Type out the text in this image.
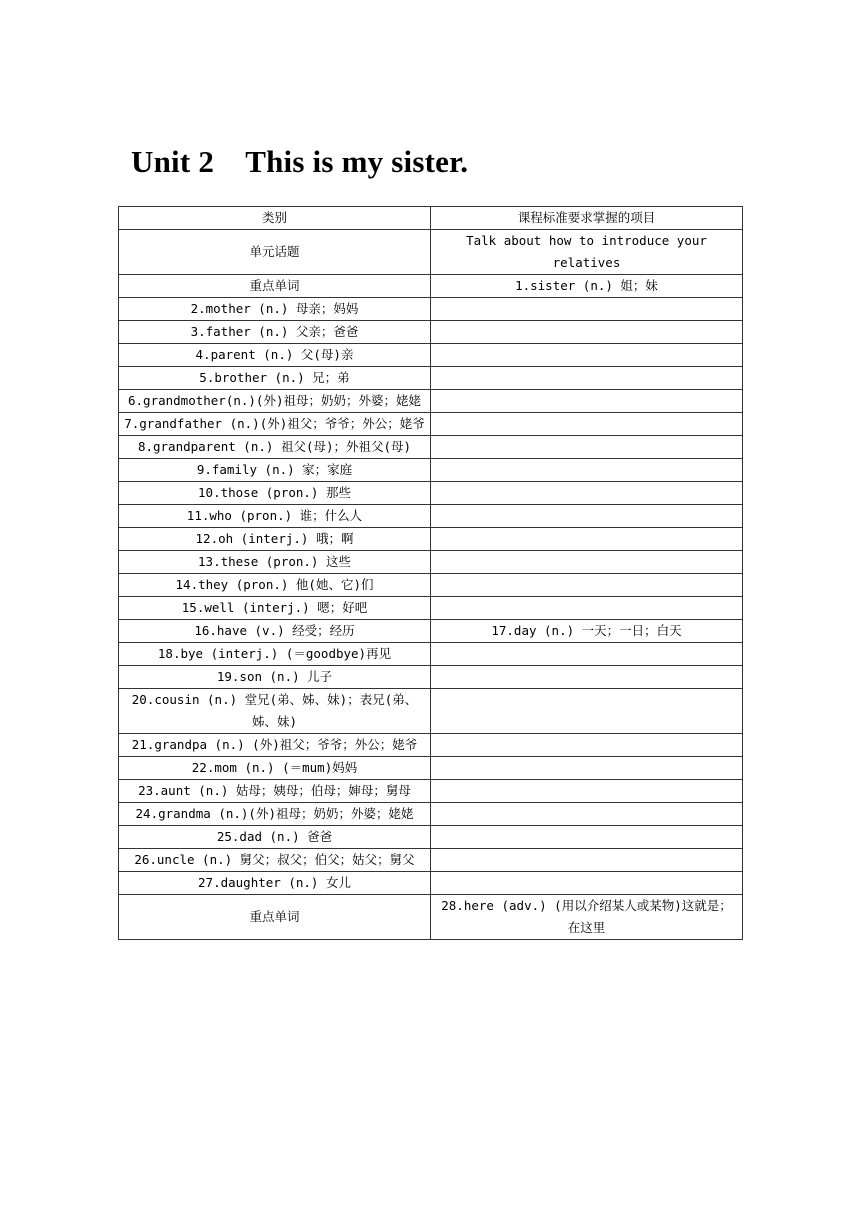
Unit 2　This is my sister.
类别	课程标准要求掌握的项目
单元话题	Talk about how to introduce your relatives
重点单词	1.sister (n.) 姐；妹
2.mother (n.) 母亲；妈妈	
3.father (n.) 父亲；爸爸	
4.parent (n.) 父(母)亲	
5.brother (n.) 兄；弟	
6.grandmother(n.)(外)祖母；奶奶；外婆；姥姥	
7.grandfather (n.)(外)祖父；爷爷；外公；姥爷	
8.grandparent (n.) 祖父(母)；外祖父(母)	
9.family (n.) 家；家庭	
10.those (pron.) 那些	
11.who (pron.) 谁；什么人	
12.oh (interj.) 哦；啊	
13.these (pron.) 这些	
14.they (pron.) 他(她、它)们	
15.well (interj.) 嗯；好吧	
16.have (v.) 经受；经历	17.day (n.) 一天；一日；白天
18.bye (interj.) (＝goodbye)再见	
19.son (n.) 儿子	
20.cousin (n.) 堂兄(弟、姊、妹)；表兄(弟、姊、妹)	
21.grandpa (n.) (外)祖父；爷爷；外公；姥爷	
22.mom (n.) (＝mum)妈妈	
23.aunt (n.) 姑母；姨母；伯母；婶母；舅母	
24.grandma (n.)(外)祖母；奶奶；外婆；姥姥	
25.dad (n.) 爸爸	
26.uncle (n.) 舅父；叔父；伯父；姑父；舅父	
27.daughter (n.) 女儿	
重点单词	28.here (adv.) (用以介绍某人或某物)这就是；在这里
